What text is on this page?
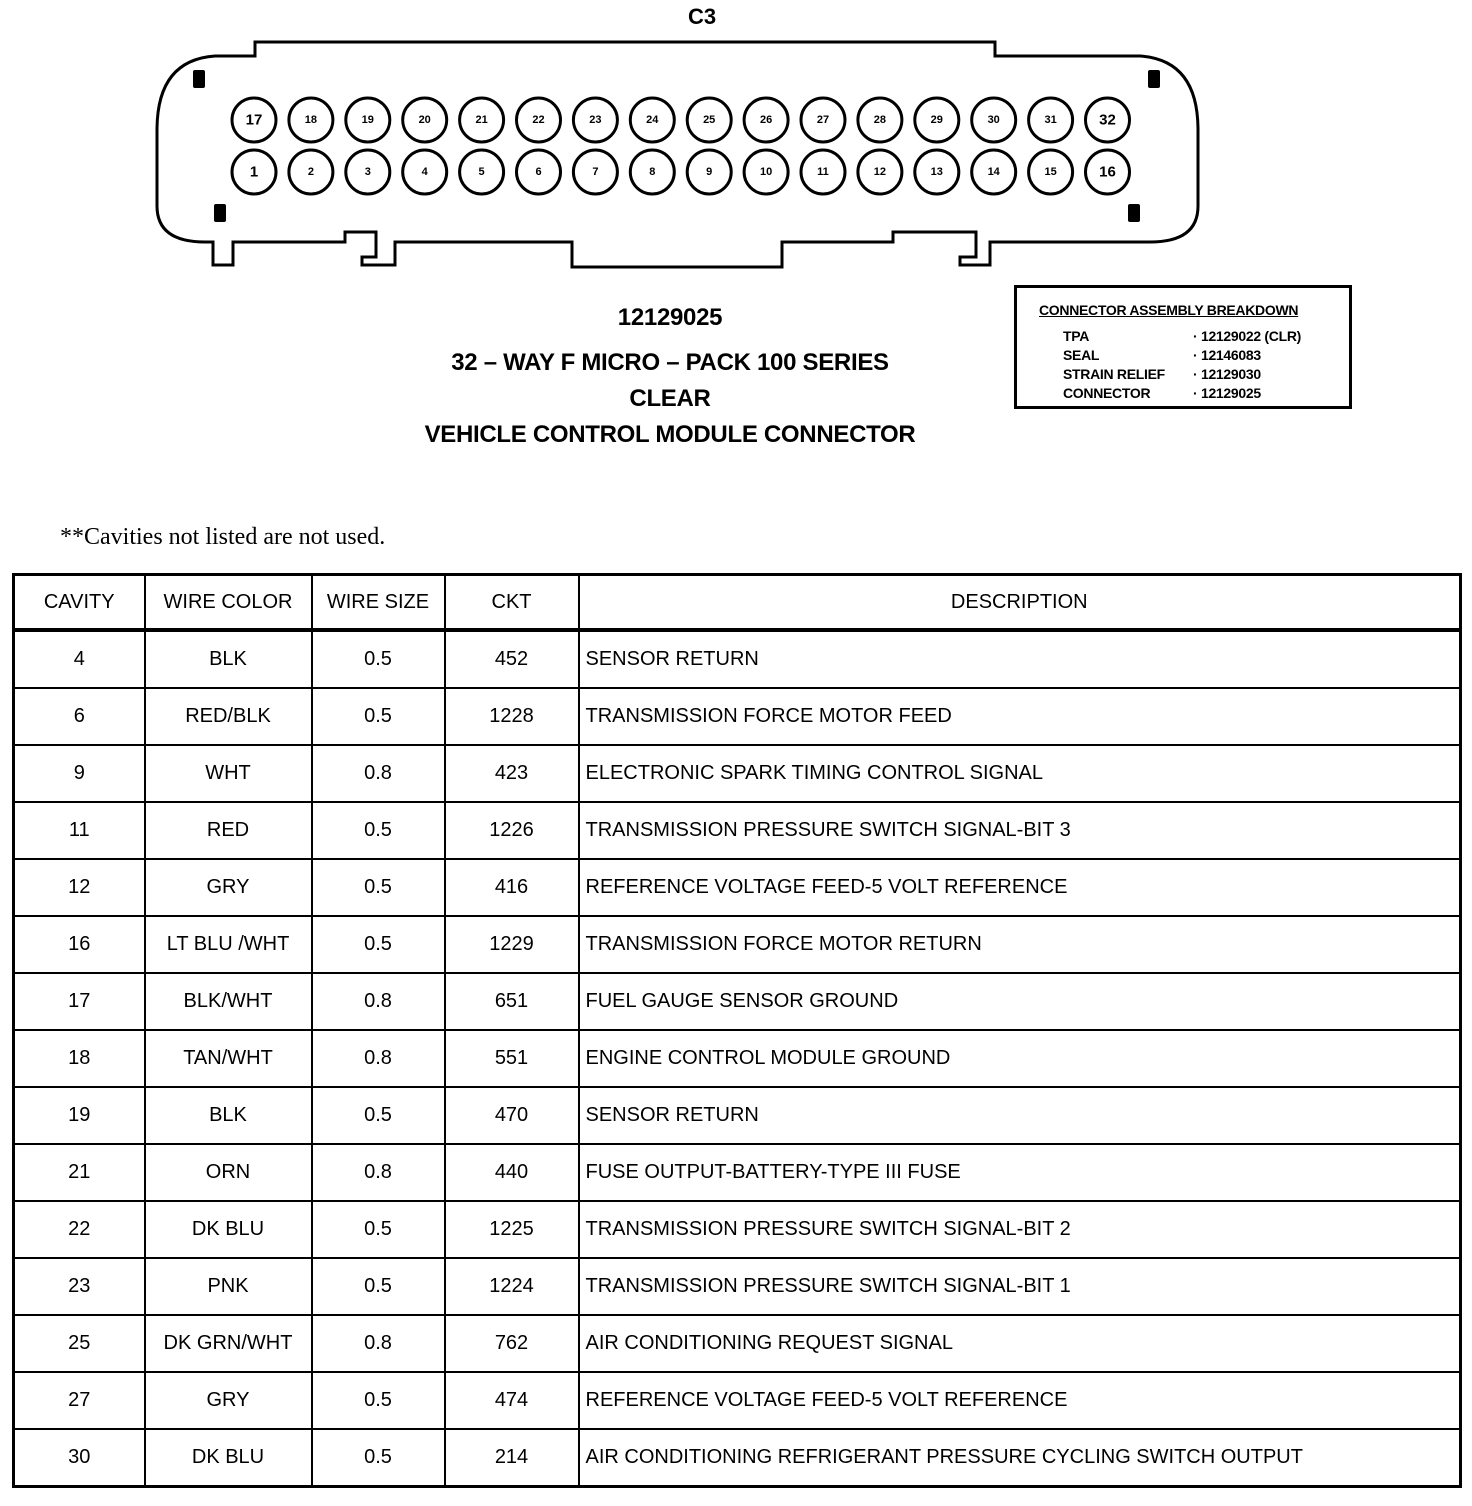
C3
17	18	19	20	21	22	23	24	25	26	27	28	29	30	31	32
1	2	3	4	5	6	7	8	9	10	11	12	13	14	15	16
12129025
32 – WAY F MICRO – PACK 100 SERIES
CLEAR
VEHICLE CONTROL MODULE CONNECTOR
CONNECTOR ASSEMBLY BREAKDOWN
TPA	· 12129022 (CLR)
SEAL	· 12146083
STRAIN RELIEF · 12129030
CONNECTOR	· 12129025
**Cavities not listed are not used.
CAVITY	WIRE COLOR	WIRE SIZE	CKT	DESCRIPTION
4	BLK	0.5	452	SENSOR RETURN
6	RED/BLK	0.5	1228	TRANSMISSION FORCE MOTOR FEED
9	WHT	0.8	423	ELECTRONIC SPARK TIMING CONTROL SIGNAL
11	RED	0.5	1226	TRANSMISSION PRESSURE SWITCH SIGNAL-BIT 3
12	GRY	0.5	416	REFERENCE VOLTAGE FEED-5 VOLT REFERENCE
16	LT BLU /WHT	0.5	1229	TRANSMISSION FORCE MOTOR RETURN
17	BLK/WHT	0.8	651	FUEL GAUGE SENSOR GROUND
18	TAN/WHT	0.8	551	ENGINE CONTROL MODULE GROUND
19	BLK	0.5	470	SENSOR RETURN
21	ORN	0.8	440	FUSE OUTPUT-BATTERY-TYPE III FUSE
22	DK BLU	0.5	1225	TRANSMISSION PRESSURE SWITCH SIGNAL-BIT 2
23	PNK	0.5	1224	TRANSMISSION PRESSURE SWITCH SIGNAL-BIT 1
25	DK GRN/WHT	0.8	762	AIR CONDITIONING REQUEST SIGNAL
27	GRY	0.5	474	REFERENCE VOLTAGE FEED-5 VOLT REFERENCE
30	DK BLU	0.5	214	AIR CONDITIONING REFRIGERANT PRESSURE CYCLING SWITCH OUTPUT
